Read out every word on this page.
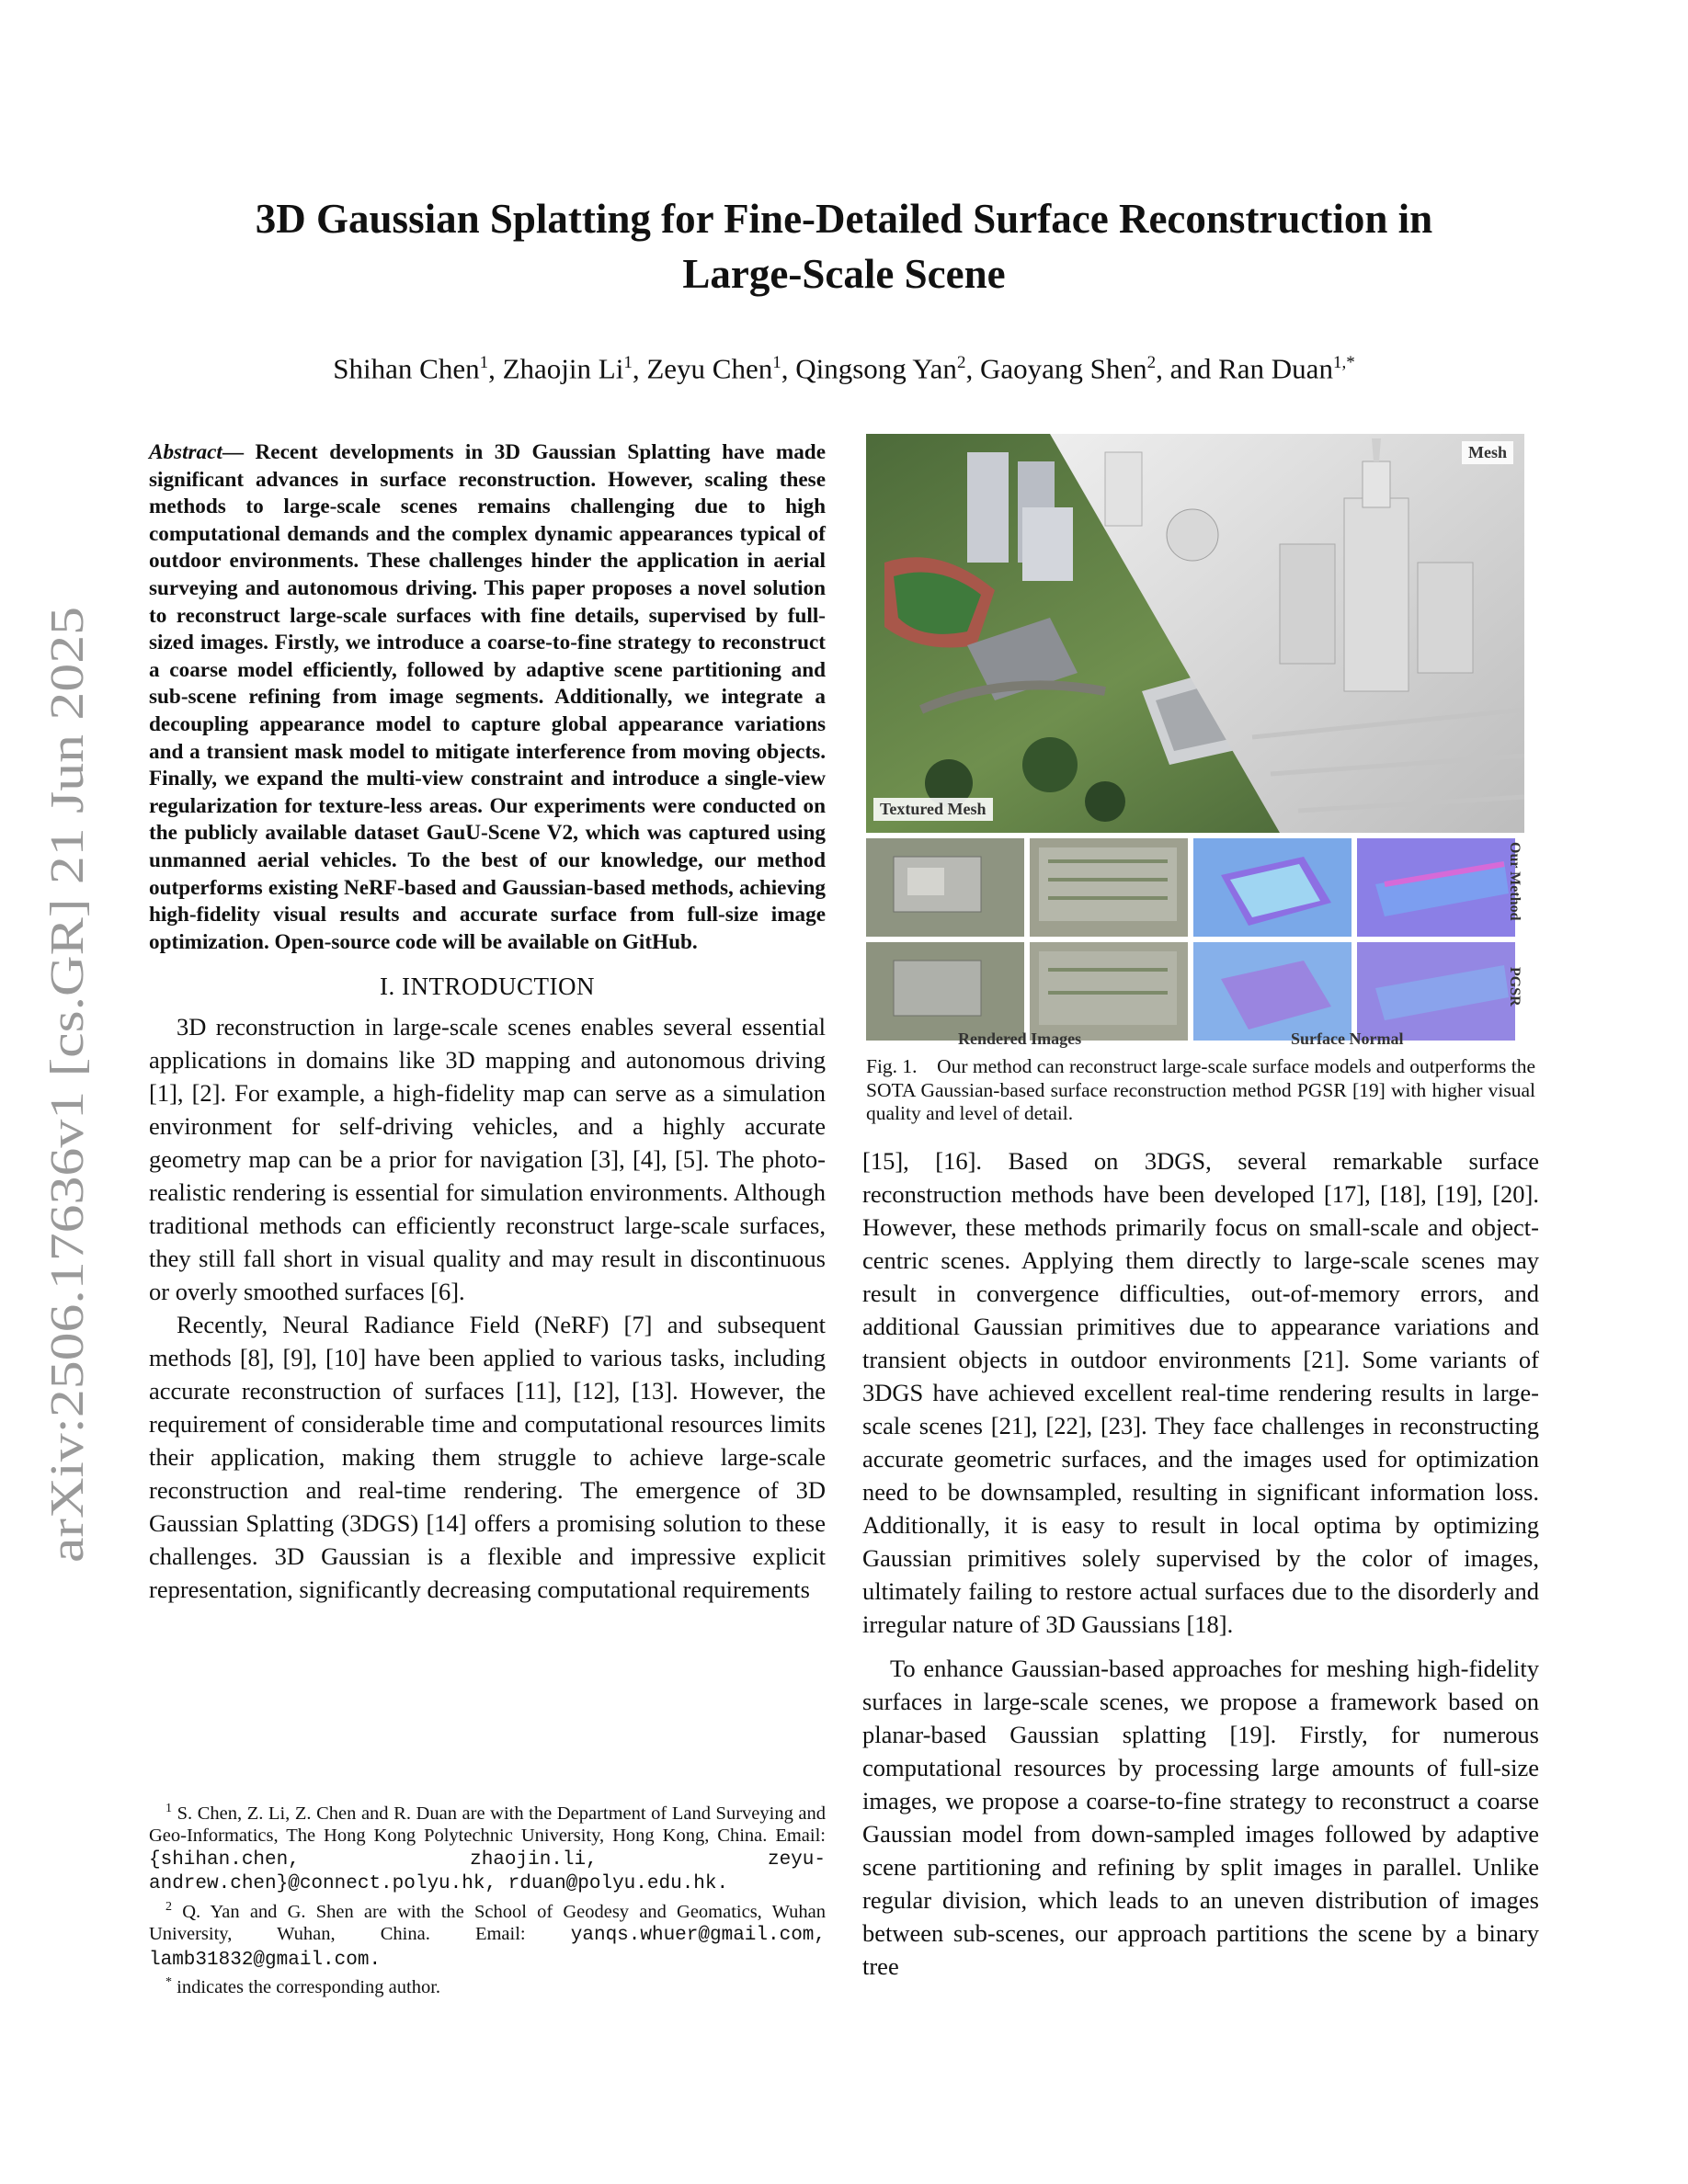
arXiv:2506.17636v1 [cs.GR] 21 Jun 2025
3D Gaussian Splatting for Fine-Detailed Surface Reconstruction in
Large-Scale Scene
Shihan Chen$^1$, Zhaojin Li$^1$, Zeyu Chen$^1$, Qingsong Yan$^2$, Gaoyang Shen$^2$, and Ran Duan$^{1,*}$
Abstract— Recent developments in 3D Gaussian Splatting have made significant advances in surface reconstruction. However, scaling these methods to large-scale scenes remains challenging due to high computational demands and the complex dynamic appearances typical of outdoor environments. These challenges hinder the application in aerial surveying and autonomous driving. This paper proposes a novel solution to reconstruct large-scale surfaces with fine details, supervised by full-sized images. Firstly, we introduce a coarse-to-fine strategy to reconstruct a coarse model efficiently, followed by adaptive scene partitioning and sub-scene refining from image segments. Additionally, we integrate a decoupling appearance model to capture global appearance variations and a transient mask model to mitigate interference from moving objects. Finally, we expand the multi-view constraint and introduce a single-view regularization for texture-less areas. Our experiments were conducted on the publicly available dataset GauU-Scene V2, which was captured using unmanned aerial vehicles. To the best of our knowledge, our method outperforms existing NeRF-based and Gaussian-based methods, achieving high-fidelity visual results and accurate surface from full-size image optimization. Open-source code will be available on GitHub.
I. INTRODUCTION

3D reconstruction in large-scale scenes enables several essential applications in domains like 3D mapping and autonomous driving [1], [2]. For example, a high-fidelity map can serve as a simulation environment for self-driving vehicles, and a highly accurate geometry map can be a prior for navigation [3], [4], [5]. The photo-realistic rendering is essential for simulation environments. Although traditional methods can efficiently reconstruct large-scale surfaces, they still fall short in visual quality and may result in discontinuous or overly smoothed surfaces [6].

Recently, Neural Radiance Field (NeRF) [7] and subsequent methods [8], [9], [10] have been applied to various tasks, including accurate reconstruction of surfaces [11], [12], [13]. However, the requirement of considerable time and computational resources limits their application, making them struggle to achieve large-scale reconstruction and real-time rendering. The emergence of 3D Gaussian Splatting (3DGS) [14] offers a promising solution to these challenges. 3D Gaussian is a flexible and impressive explicit representation, significantly decreasing computational requirements

$^1$ S. Chen, Z. Li, Z. Chen and R. Duan are with the Department of Land Surveying and Geo-Informatics, The Hong Kong Polytechnic University, Hong Kong, China. Email: {shihan.chen, zhaojin.li, zeyu-andrew.chen}@connect.polyu.hk, rduan@polyu.edu.hk.

$^2$ Q. Yan and G. Shen are with the School of Geodesy and Geomatics, Wuhan University, Wuhan, China. Email: yanqs.whuer@gmail.com, lamb31832@gmail.com.

* indicates the corresponding author.

Mesh
Textured Mesh
Our Method
PGSR
Rendered Images	Surface Normal
Fig. 1. Our method can reconstruct large-scale surface models and outperforms the SOTA Gaussian-based surface reconstruction method PGSR [19] with higher visual quality and level of detail.

[15], [16]. Based on 3DGS, several remarkable surface reconstruction methods have been developed [17], [18], [19], [20]. However, these methods primarily focus on small-scale and object-centric scenes. Applying them directly to large-scale scenes may result in convergence difficulties, out-of-memory errors, and additional Gaussian primitives due to appearance variations and transient objects in outdoor environments [21]. Some variants of 3DGS have achieved excellent real-time rendering results in large-scale scenes [21], [22], [23]. They face challenges in reconstructing accurate geometric surfaces, and the images used for optimization need to be downsampled, resulting in significant information loss. Additionally, it is easy to result in local optima by optimizing Gaussian primitives solely supervised by the color of images, ultimately failing to restore actual surfaces due to the disorderly and irregular nature of 3D Gaussians [18].

To enhance Gaussian-based approaches for meshing high-fidelity surfaces in large-scale scenes, we propose a framework based on planar-based Gaussian splatting [19]. Firstly, for numerous computational resources by processing large amounts of full-size images, we propose a coarse-to-fine strategy to reconstruct a coarse Gaussian model from down-sampled images followed by adaptive scene partitioning and refining by split images in parallel. Unlike regular division, which leads to an uneven distribution of images between sub-scenes, our approach partitions the scene by a binary tree
